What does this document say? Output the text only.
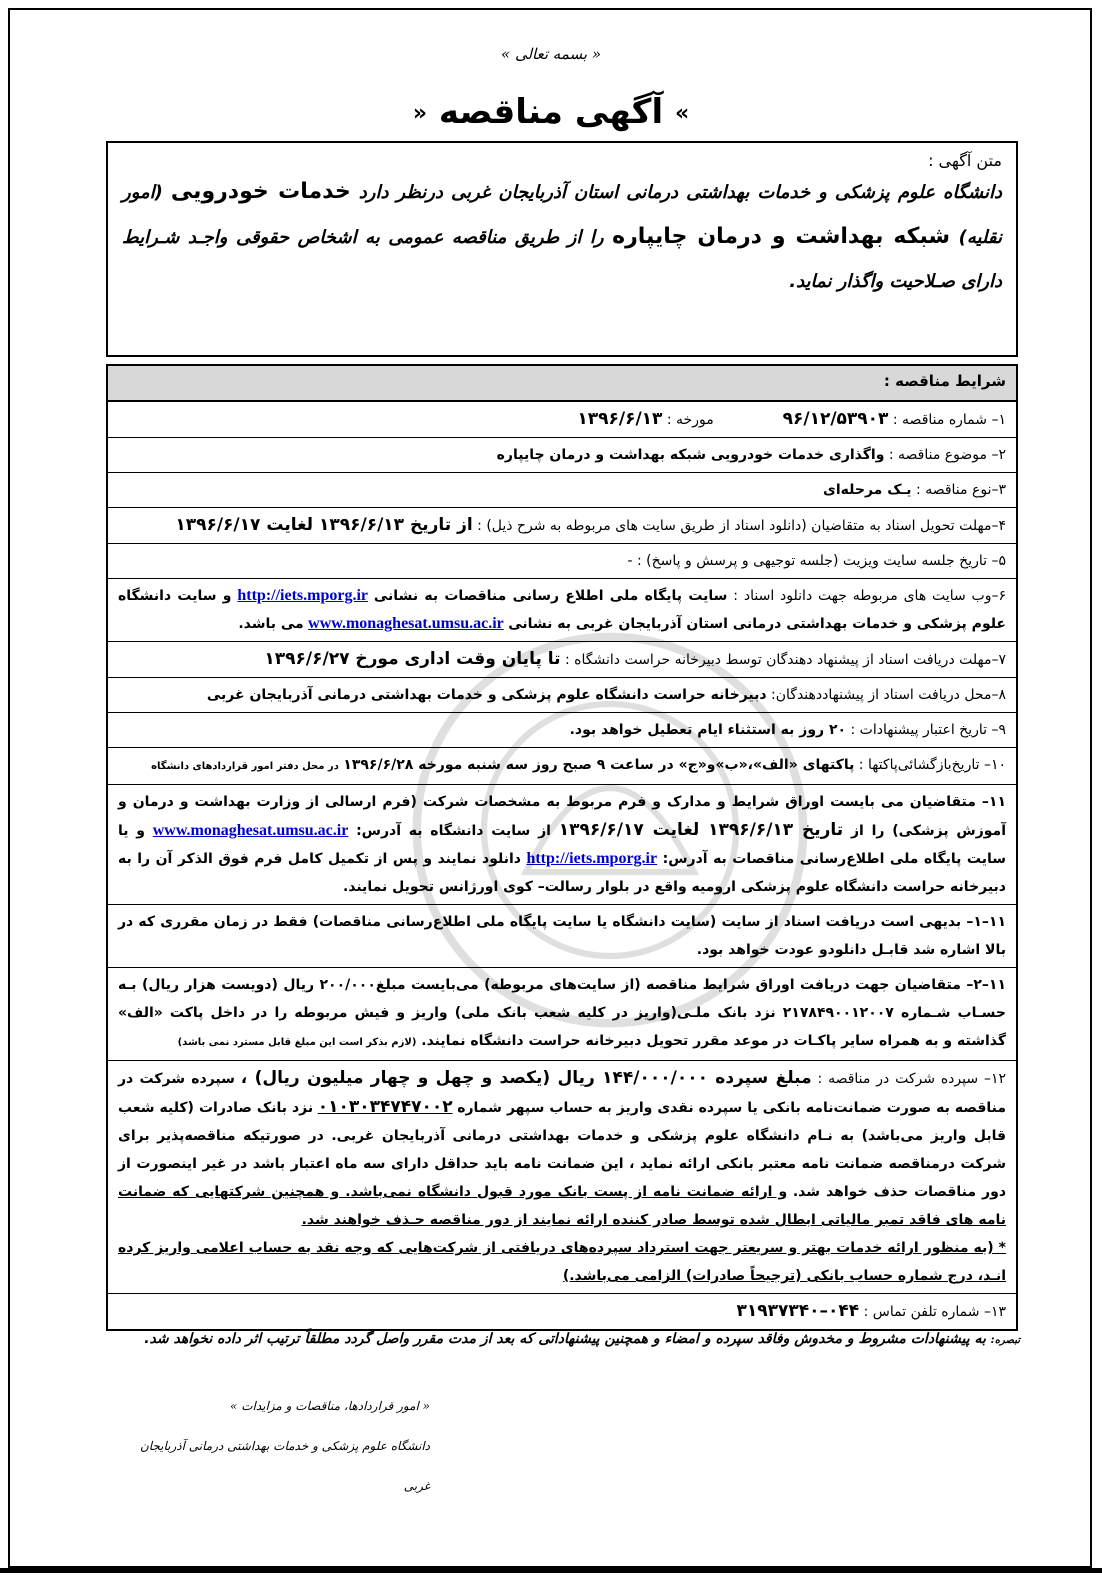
« بسمه تعالی »
» آگهی مناقصه «
متن آگهی :
دانشگاه علوم پزشکی و خدمات بهداشتی درمانی استان آذربایجان غربی درنظر دارد خدمات خودرویی (امور نقلیه) شبکه بهداشت و درمان چایپاره را از طریق مناقصه عمومی به اشخاص حقوقی واجـد شـرایط دارای صـلاحیت واگذار نماید.
شرایط مناقصه :
۱– شماره مناقصه : ۹۶/۱۲/۵۳۹۰۳  مورخه : ۱۳۹۶/۶/۱۳
۲– موضوع مناقصه : واگذاری خدمات خودرویی شبکه بهداشت و درمان چایپاره
۳–نوع مناقصه : یـک مرحله‌ای
۴–مهلت تحویل اسناد به متقاضیان (دانلود اسناد از طریق سایت های مربوطه به شرح ذیل) : از تاریخ ۱۳۹۶/۶/۱۳ لغایت ۱۳۹۶/۶/۱۷
۵– تاریخ جلسه سایت ویزیت (جلسه توجیهی و پرسش و پاسخ) : -
۶–وب سایت های مربوطه جهت دانلود اسناد : سایت پایگاه ملی اطلاع رسانی مناقصات به نشانی http://iets.mporg.ir و سایت دانشگاه علوم پزشکی و خدمات بهداشتی درمانی استان آذربایجان غربی به نشانی www.monaghesat.umsu.ac.ir می باشد.
۷–مهلت دریافت اسناد از پیشنهاد دهندگان توسط دبیرخانه حراست دانشگاه : تا پایان وقت اداری مورخ ۱۳۹۶/۶/۲۷
۸–محل دریافت اسناد از پیشنهاددهندگان: دبیرخانه حراست دانشگاه علوم پزشکی و خدمات بهداشتی درمانی آذربایجان غربی
۹– تاریخ اعتبار پیشنهادات : ۲۰ روز به استثناء ایام تعطیل خواهد بود.
۱۰– تاریخ‌بازگشائی‌پاکتها : پاکتهای «الف»،«ب»و«ج» در ساعت ۹ صبح روز سه شنبه مورخه ۱۳۹۶/۶/۲۸ در محل دفتر امور قراردادهای دانشگاه
۱۱– متقاضیان می بایست اوراق شرایط و مدارک و فرم مربوط به مشخصات شرکت (فرم ارسالی از وزارت بهداشت و درمان و آموزش پزشکی) را از تاریخ ۱۳۹۶/۶/۱۳ لغایت ۱۳۹۶/۶/۱۷ از سایت دانشگاه به آدرس: www.monaghesat.umsu.ac.ir و یا سایت پایگاه ملی اطلاع‌رسانی مناقصات به آدرس: http://iets.mporg.ir دانلود نمایند و پس از تکمیل کامل فرم فوق الذکر آن را به دبیرخانه حراست دانشگاه علوم پزشکی ارومیه واقع در بلوار رسالت– کوی اورژانس تحویل نمایند.
۱۱–۱– بدیهی است دریافت اسناد از سایت (سایت دانشگاه یا سایت پایگاه ملی اطلاع‌رسانی مناقصات) فقط در زمان مقرری که در بالا اشاره شد قابـل دانلودو عودت خواهد بود.
۱۱–۲– متقاضیان جهت دریافت اوراق شرایط مناقصه (از سایت‌های مربوطه) می‌بایست مبلغ۲۰۰/۰۰۰ ریال (دویست هزار ریال) بـه حسـاب شـماره ۲۱۷۸۴۹۰۰۱۲۰۰۷ نزد بانک ملـی(واریز در کلیه شعب بانک ملی) واریز و فیش مربوطه را در داخل پاکت «الف» گذاشته و به همراه سایر پاکـات در موعد مقرر تحویل دبیرخانه حراست دانشگاه نمایند. (لازم بذکر است این مبلغ قابل مسترد نمی باشد)
۱۲– سپرده شرکت در مناقصه : مبلغ سپرده ۱۴۴/۰۰۰/۰۰۰ ریال (یکصد و چهل و چهار میلیون ریال) ، سپرده شرکت در مناقصه به صورت ضمانت‌نامه بانکی یا سپرده نقدی واریز به حساب سپهر شماره ۰۱۰۳۰۳۴۷۴۷۰۰۲ نزد بانک صادرات (کلیه شعب قابل واریز می‌باشد) به نـام دانشگاه علوم پزشکی و خدمات بهداشتی درمانی آذربایجان غربی. در صورتیکه مناقصه‌پذیر برای شرکت درمناقصه ضمانت نامه معتبر بانکی ارائه نماید ، این ضمانت نامه باید حداقل دارای سه ماه اعتبار باشد در غیر اینصورت از دور مناقصات حذف خواهد شد. و ارائه ضمانت نامه از پست بانک مورد قبول دانشگاه نمی‌باشد. و همچنین شرکتهایی که ضمانت نامه های فاقد تمبر مالیاتی ابطال شده توسط صادر کننده ارائه نمایند از دور مناقصه حـذف خواهند شد.
* (به منظور ارائه خدمات بهتر و سریعتر جهت استرداد سپرده‌های دریافتی از شرکت‌هایی که وجه نقد به حساب اعلامی واریز کرده انـد، درج شماره حساب بانکی (ترجیحاً صادرات) الزامی می‌باشد.)
۱۳– شماره تلفن تماس : ۰۴۴–۳۱۹۳۷۳۴۰
تبصره: به پیشنهادات مشروط و مخدوش وفاقد سپرده و امضاء و همچنین پیشنهاداتی که بعد از مدت مقرر واصل گردد مطلقاً ترتیب اثر داده نخواهد شد.
« امور قراردادها، مناقصات و مزایدات »
دانشگاه علوم پزشکی و خدمات بهداشتی درمانی آذربایجان غربی
